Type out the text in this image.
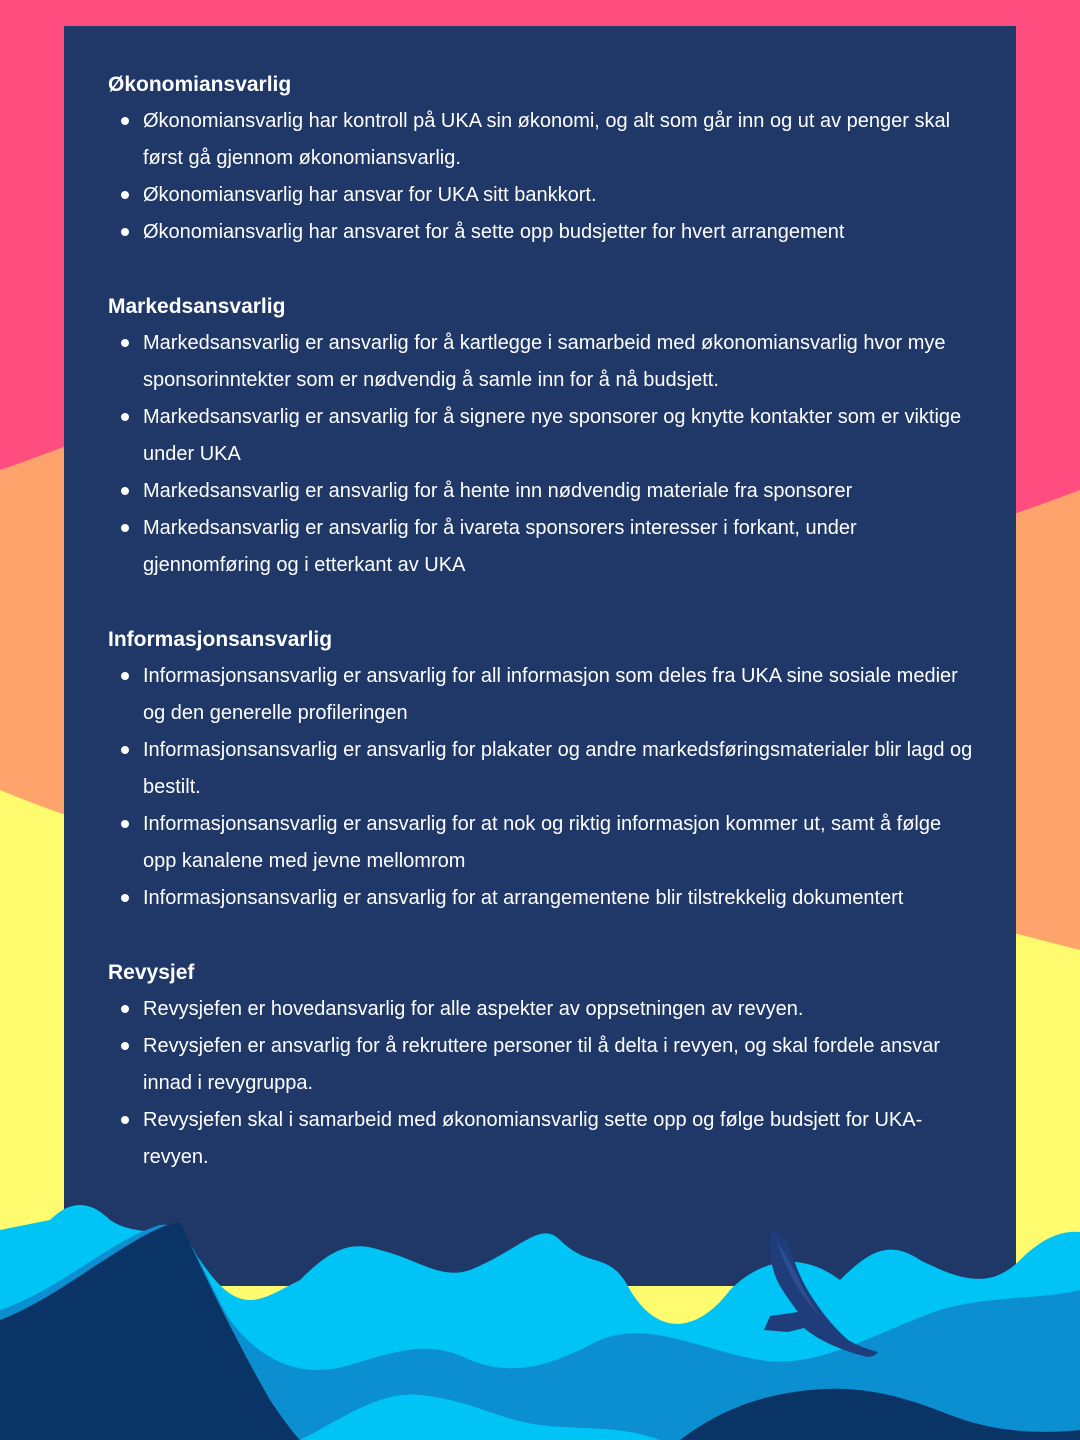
Økonomiansvarlig
Økonomiansvarlig har kontroll på UKA sin økonomi, og alt som går inn og ut av penger skal først gå gjennom økonomiansvarlig.
Økonomiansvarlig har ansvar for UKA sitt bankkort.
Økonomiansvarlig har ansvaret for å sette opp budsjetter for hvert arrangement
Markedsansvarlig
Markedsansvarlig er ansvarlig for å kartlegge i samarbeid med økonomiansvarlig hvor mye sponsorinntekter som er nødvendig å samle inn for å nå budsjett.
Markedsansvarlig er ansvarlig for å signere nye sponsorer og knytte kontakter som er viktige under UKA
Markedsansvarlig er ansvarlig for å hente inn nødvendig materiale fra sponsorer
Markedsansvarlig er ansvarlig for å ivareta sponsorers interesser i forkant, under gjennomføring og i etterkant av UKA
Informasjonsansvarlig
Informasjonsansvarlig er ansvarlig for all informasjon som deles fra UKA sine sosiale medier og den generelle profileringen
Informasjonsansvarlig er ansvarlig for plakater og andre markedsføringsmaterialer blir lagd og bestilt.
Informasjonsansvarlig er ansvarlig for at nok og riktig informasjon kommer ut, samt å følge opp kanalene med jevne mellomrom
Informasjonsansvarlig er ansvarlig for at arrangementene blir tilstrekkelig dokumentert
Revysjef
Revysjefen er hovedansvarlig for alle aspekter av oppsetningen av revyen.
Revysjefen er ansvarlig for å rekruttere personer til å delta i revyen, og skal fordele ansvar innad i revygruppa.
Revysjefen skal i samarbeid med økonomiansvarlig sette opp og følge budsjett for UKA-revyen.
